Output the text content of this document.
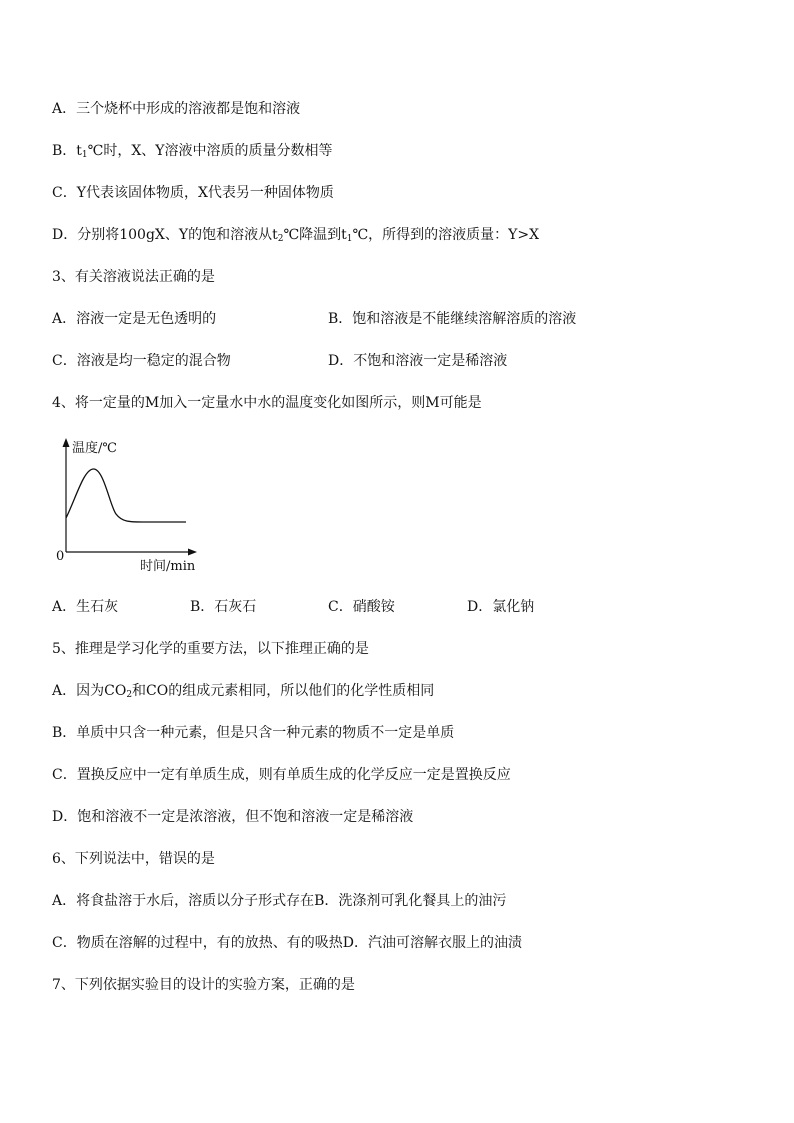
A．三个烧杯中形成的溶液都是饱和溶液
B．$t_1℃$时，X、Y溶液中溶质的质量分数相等
C．Y代表该固体物质，X代表另一种固体物质
D．分别将100gX、Y的饱和溶液从$t_2℃$降温到$t_1℃$，所得到的溶液质量：Y>X
3、有关溶液说法正确的是
A．溶液一定是无色透明的	B．饱和溶液是不能继续溶解溶质的溶液
C．溶液是均一稳定的混合物	D．不饱和溶液一定是稀溶液
4、将一定量的M加入一定量水中水的温度变化如图所示，则M可能是
温度/℃
时间/min
0
A．生石灰	B．石灰石	C．硝酸铵	D．氯化钠
5、推理是学习化学的重要方法，以下推理正确的是
A．因为$CO_2$和CO的组成元素相同，所以他们的化学性质相同
B．单质中只含一种元素，但是只含一种元素的物质不一定是单质
C．置换反应中一定有单质生成，则有单质生成的化学反应一定是置换反应
D．饱和溶液不一定是浓溶液，但不饱和溶液一定是稀溶液
6、下列说法中，错误的是
A．将食盐溶于水后，溶质以分子形式存在B．洗涤剂可乳化餐具上的油污
C．物质在溶解的过程中，有的放热、有的吸热D．汽油可溶解衣服上的油渍
7、下列依据实验目的设计的实验方案，正确的是
